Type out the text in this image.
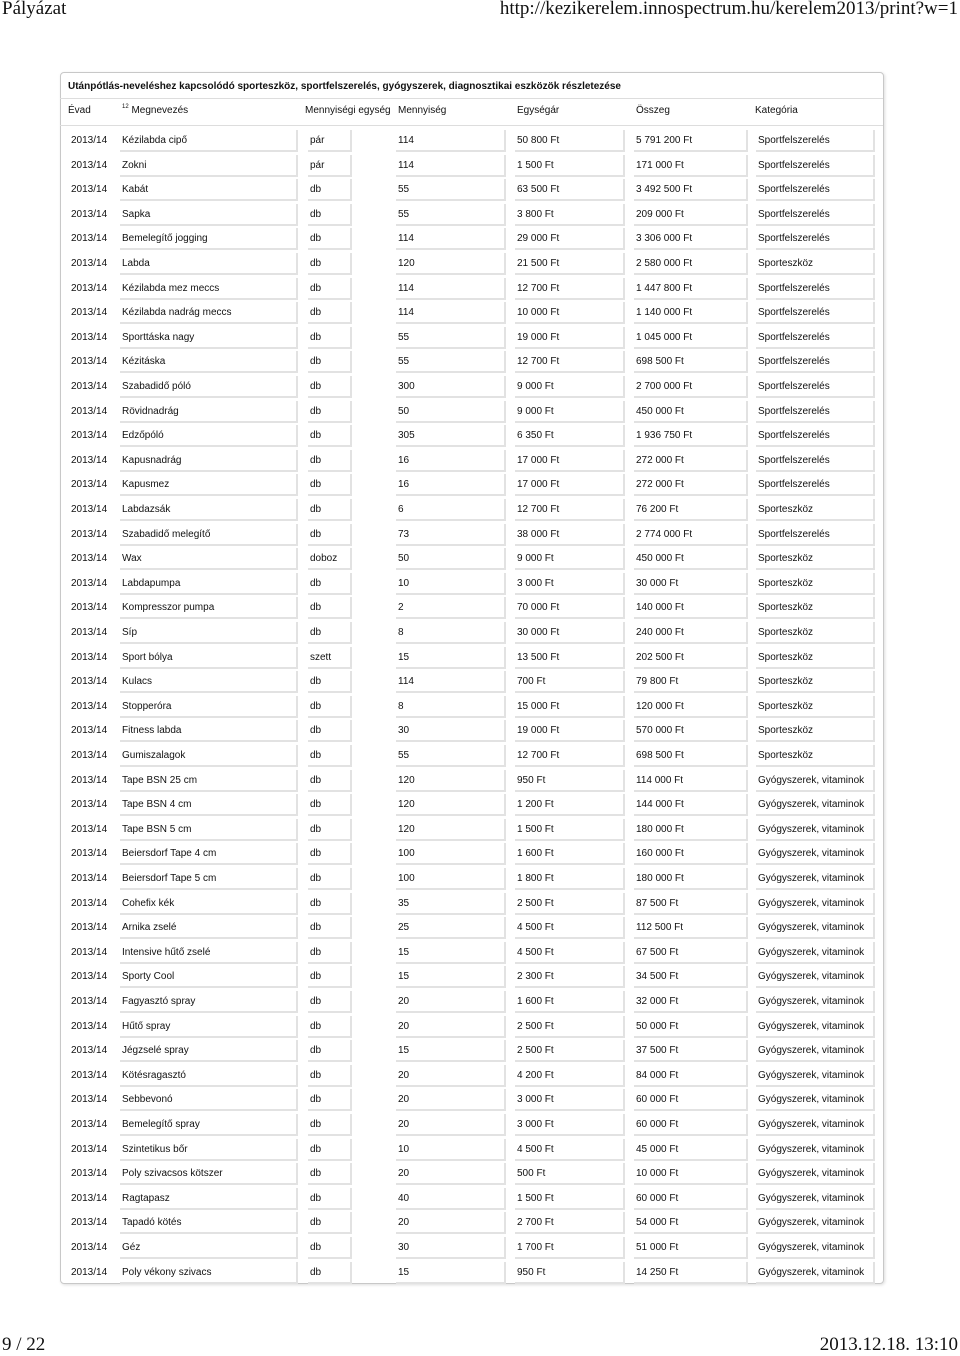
Pályázat	http://kezikerelem.innospectrum.hu/kerelem2013/print?w=1
Utánpótlás-neveléshez kapcsolódó sporteszköz, sportfelszerelés, gyógyszerek, diagnosztikai eszközök részletezése
Évad	$^{12}$ Megnevezés	Mennyiségi egység Mennyiség	Egységár	Összeg	Kategória
2013/14 Kézilabda cipő	pár	114	50 800 Ft	5 791 200 Ft	Sportfelszerelés
2013/14 Zokni	pár	114	1 500 Ft	171 000 Ft	Sportfelszerelés
2013/14 Kabát	db	55	63 500 Ft	3 492 500 Ft	Sportfelszerelés
2013/14 Sapka	db	55	3 800 Ft	209 000 Ft	Sportfelszerelés
2013/14 Bemelegítő jogging	db	114	29 000 Ft	3 306 000 Ft	Sportfelszerelés
2013/14 Labda	db	120	21 500 Ft	2 580 000 Ft	Sporteszköz
2013/14 Kézilabda mez meccs	db	114	12 700 Ft	1 447 800 Ft	Sportfelszerelés
2013/14 Kézilabda nadrág meccs	db	114	10 000 Ft	1 140 000 Ft	Sportfelszerelés
2013/14 Sporttáska nagy	db	55	19 000 Ft	1 045 000 Ft	Sportfelszerelés
2013/14 Kézitáska	db	55	12 700 Ft	698 500 Ft	Sportfelszerelés
2013/14 Szabadidő póló	db	300	9 000 Ft	2 700 000 Ft	Sportfelszerelés
2013/14 Rövidnadrág	db	50	9 000 Ft	450 000 Ft	Sportfelszerelés
2013/14 Edzőpóló	db	305	6 350 Ft	1 936 750 Ft	Sportfelszerelés
2013/14 Kapusnadrág	db	16	17 000 Ft	272 000 Ft	Sportfelszerelés
2013/14 Kapusmez	db	16	17 000 Ft	272 000 Ft	Sportfelszerelés
2013/14 Labdazsák	db	6	12 700 Ft	76 200 Ft	Sporteszköz
2013/14 Szabadidő melegítő	db	73	38 000 Ft	2 774 000 Ft	Sportfelszerelés
2013/14 Wax	doboz	50	9 000 Ft	450 000 Ft	Sporteszköz
2013/14 Labdapumpa	db	10	3 000 Ft	30 000 Ft	Sporteszköz
2013/14 Kompresszor pumpa	db	2	70 000 Ft	140 000 Ft	Sporteszköz
2013/14 Síp	db	8	30 000 Ft	240 000 Ft	Sporteszköz
2013/14 Sport bólya	szett	15	13 500 Ft	202 500 Ft	Sporteszköz
2013/14 Kulacs	db	114	700 Ft	79 800 Ft	Sporteszköz
2013/14 Stopperóra	db	8	15 000 Ft	120 000 Ft	Sporteszköz
2013/14 Fitness labda	db	30	19 000 Ft	570 000 Ft	Sporteszköz
2013/14 Gumiszalagok	db	55	12 700 Ft	698 500 Ft	Sporteszköz
2013/14 Tape BSN 25 cm	db	120	950 Ft	114 000 Ft	Gyógyszerek, vitaminok
2013/14 Tape BSN 4 cm	db	120	1 200 Ft	144 000 Ft	Gyógyszerek, vitaminok
2013/14 Tape BSN 5 cm	db	120	1 500 Ft	180 000 Ft	Gyógyszerek, vitaminok
2013/14 Beiersdorf Tape 4 cm	db	100	1 600 Ft	160 000 Ft	Gyógyszerek, vitaminok
2013/14 Beiersdorf Tape 5 cm	db	100	1 800 Ft	180 000 Ft	Gyógyszerek, vitaminok
2013/14 Cohefix kék	db	35	2 500 Ft	87 500 Ft	Gyógyszerek, vitaminok
2013/14 Arnika zselé	db	25	4 500 Ft	112 500 Ft	Gyógyszerek, vitaminok
2013/14 Intensive hűtő zselé	db	15	4 500 Ft	67 500 Ft	Gyógyszerek, vitaminok
2013/14 Sporty Cool	db	15	2 300 Ft	34 500 Ft	Gyógyszerek, vitaminok
2013/14 Fagyasztó spray	db	20	1 600 Ft	32 000 Ft	Gyógyszerek, vitaminok
2013/14 Hűtő spray	db	20	2 500 Ft	50 000 Ft	Gyógyszerek, vitaminok
2013/14 Jégzselé spray	db	15	2 500 Ft	37 500 Ft	Gyógyszerek, vitaminok
2013/14 Kötésragasztó	db	20	4 200 Ft	84 000 Ft	Gyógyszerek, vitaminok
2013/14 Sebbevonó	db	20	3 000 Ft	60 000 Ft	Gyógyszerek, vitaminok
2013/14 Bemelegítő spray	db	20	3 000 Ft	60 000 Ft	Gyógyszerek, vitaminok
2013/14 Szintetikus bőr	db	10	4 500 Ft	45 000 Ft	Gyógyszerek, vitaminok
2013/14 Poly szivacsos kötszer	db	20	500 Ft	10 000 Ft	Gyógyszerek, vitaminok
2013/14 Ragtapasz	db	40	1 500 Ft	60 000 Ft	Gyógyszerek, vitaminok
2013/14 Tapadó kötés	db	20	2 700 Ft	54 000 Ft	Gyógyszerek, vitaminok
2013/14 Géz	db	30	1 700 Ft	51 000 Ft	Gyógyszerek, vitaminok
2013/14 Poly vékony szivacs	db	15	950 Ft	14 250 Ft	Gyógyszerek, vitaminok
9 / 22	2013.12.18. 13:10
